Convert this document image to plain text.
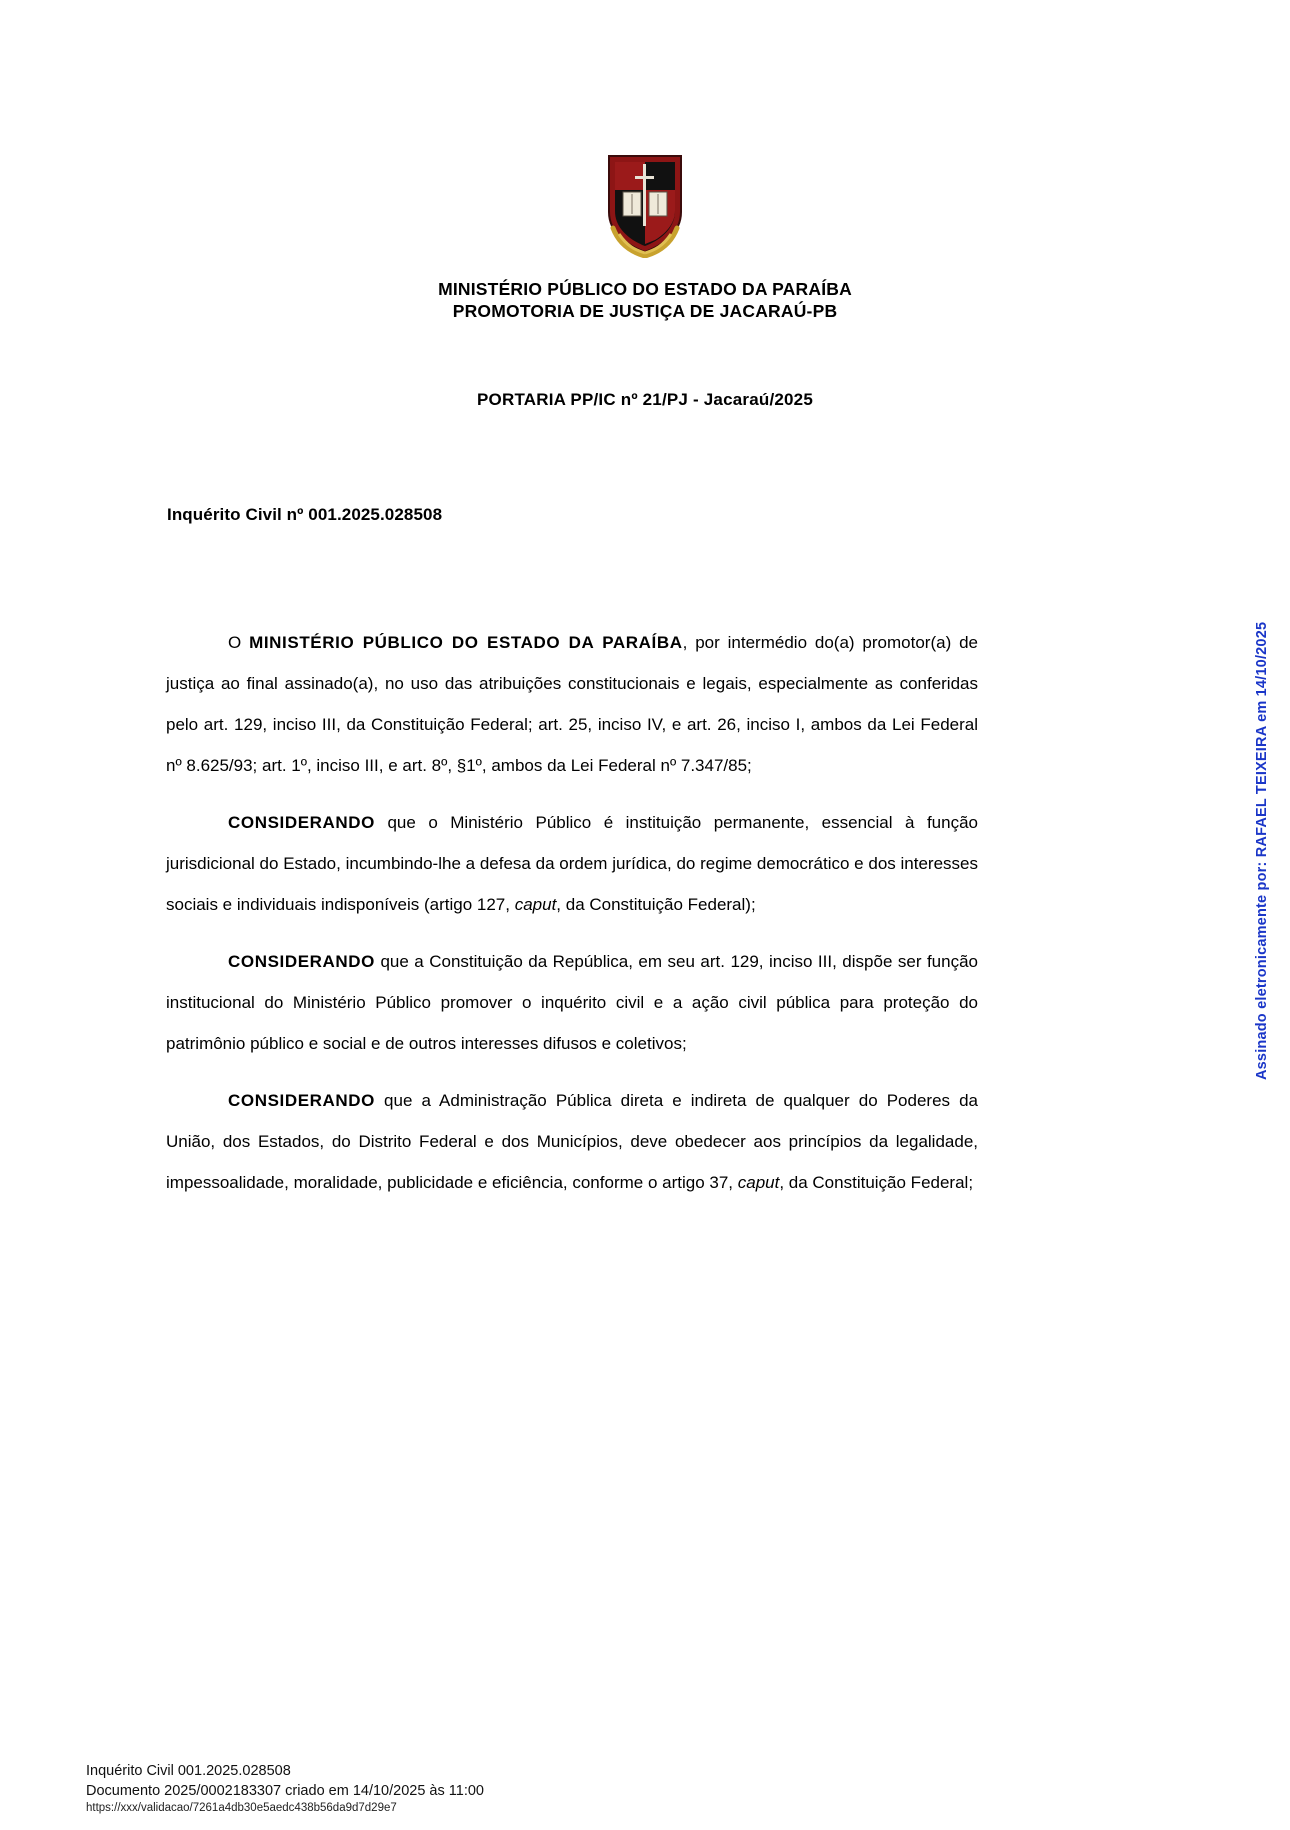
MINISTÉRIO PÚBLICO DO ESTADO DA PARAÍBA
PROMOTORIA DE JUSTIÇA DE JACARAÚ-PB
PORTARIA PP/IC nº 21/PJ - Jacaraú/2025
Inquérito Civil nº 001.2025.028508

O MINISTÉRIO PÚBLICO DO ESTADO DA PARAÍBA, por intermédio do(a) promotor(a) de justiça ao final assinado(a), no uso das atribuições constitucionais e legais, especialmente as conferidas pelo art. 129, inciso III, da Constituição Federal; art. 25, inciso IV, e art. 26, inciso I, ambos da Lei Federal nº 8.625/93; art. 1º, inciso III, e art. 8º, §1º, ambos da Lei Federal nº 7.347/85;

CONSIDERANDO que o Ministério Público é instituição permanente, essencial à função jurisdicional do Estado, incumbindo-lhe a defesa da ordem jurídica, do regime democrático e dos interesses sociais e individuais indisponíveis (artigo 127, caput, da Constituição Federal);

CONSIDERANDO que a Constituição da República, em seu art. 129, inciso III, dispõe ser função institucional do Ministério Público promover o inquérito civil e a ação civil pública para proteção do patrimônio público e social e de outros interesses difusos e coletivos;

CONSIDERANDO que a Administração Pública direta e indireta de qualquer do Poderes da União, dos Estados, do Distrito Federal e dos Municípios, deve obedecer aos princípios da legalidade, impessoalidade, moralidade, publicidade e eficiência, conforme o artigo 37, caput, da Constituição Federal;

Assinado eletronicamente por: RAFAEL TEIXEIRA em 14/10/2025
Inquérito Civil 001.2025.028508
Documento 2025/0002183307 criado em 14/10/2025 às 11:00
https://xxx/validacao/7261a4db30e5aedc438b56da9d7d29e7
